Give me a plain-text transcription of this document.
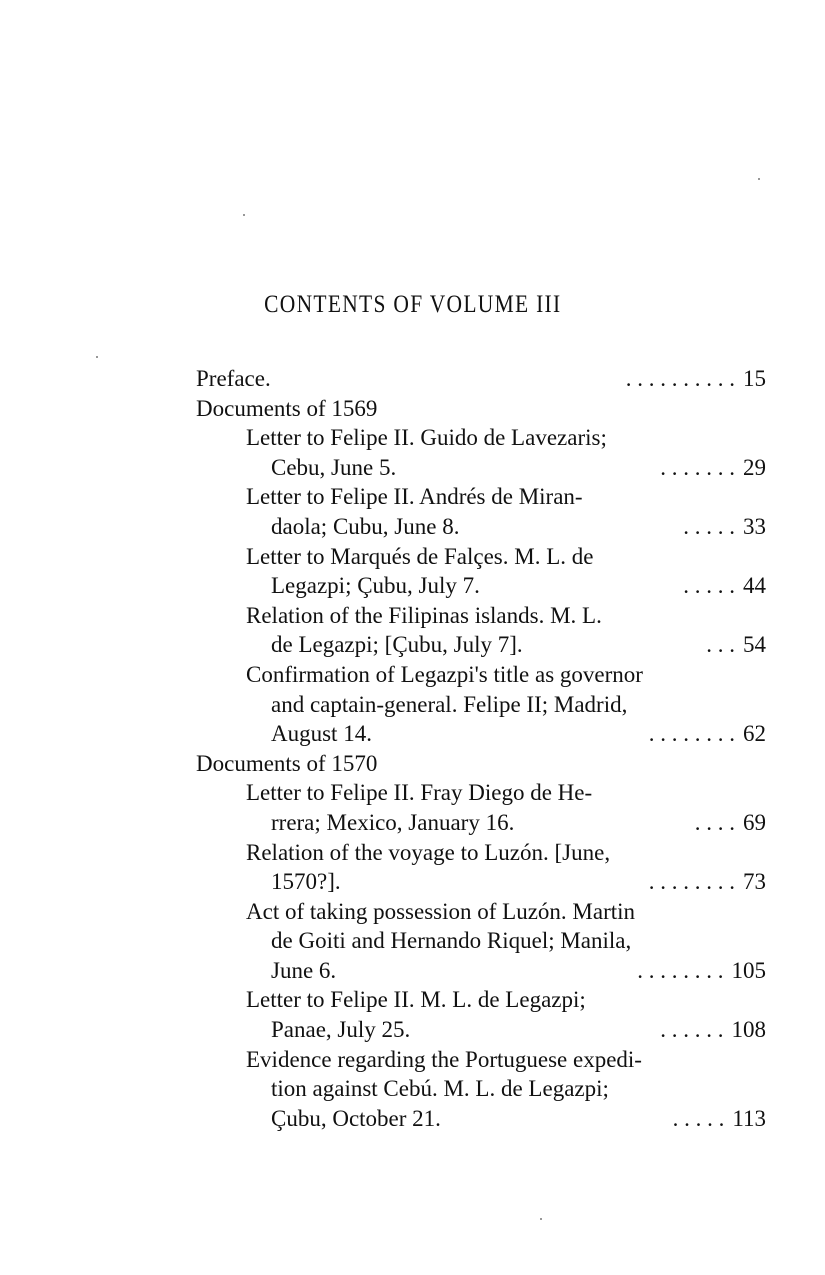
CONTENTS OF VOLUME III
Preface.	. . . . . . . . . . 15
Documents of 1569
Letter to Felipe II. Guido de Lavezaris;
Cebu, June 5.	. . . . . . . 29
Letter to Felipe II. Andrés de Miran-
daola; Cubu, June 8.	. . . . . 33
Letter to Marqués de Falçes. M. L. de
Legazpi; Çubu, July 7.	. . . . . 44
Relation of the Filipinas islands. M. L.
de Legazpi; [Çubu, July 7].	. . . 54
Confirmation of Legazpi's title as governor
and captain-general. Felipe II; Madrid,
August 14.	. . . . . . . . 62
Documents of 1570
Letter to Felipe II. Fray Diego de He-
rrera; Mexico, January 16.	. . . . 69
Relation of the voyage to Luzón. [June,
1570?].	. . . . . . . . 73
Act of taking possession of Luzón. Martin
de Goiti and Hernando Riquel; Manila,
June 6.	. . . . . . . . 105
Letter to Felipe II. M. L. de Legazpi;
Panae, July 25.	. . . . . . 108
Evidence regarding the Portuguese expedi-
tion against Cebú. M. L. de Legazpi;
Çubu, October 21.	. . . . . 113
